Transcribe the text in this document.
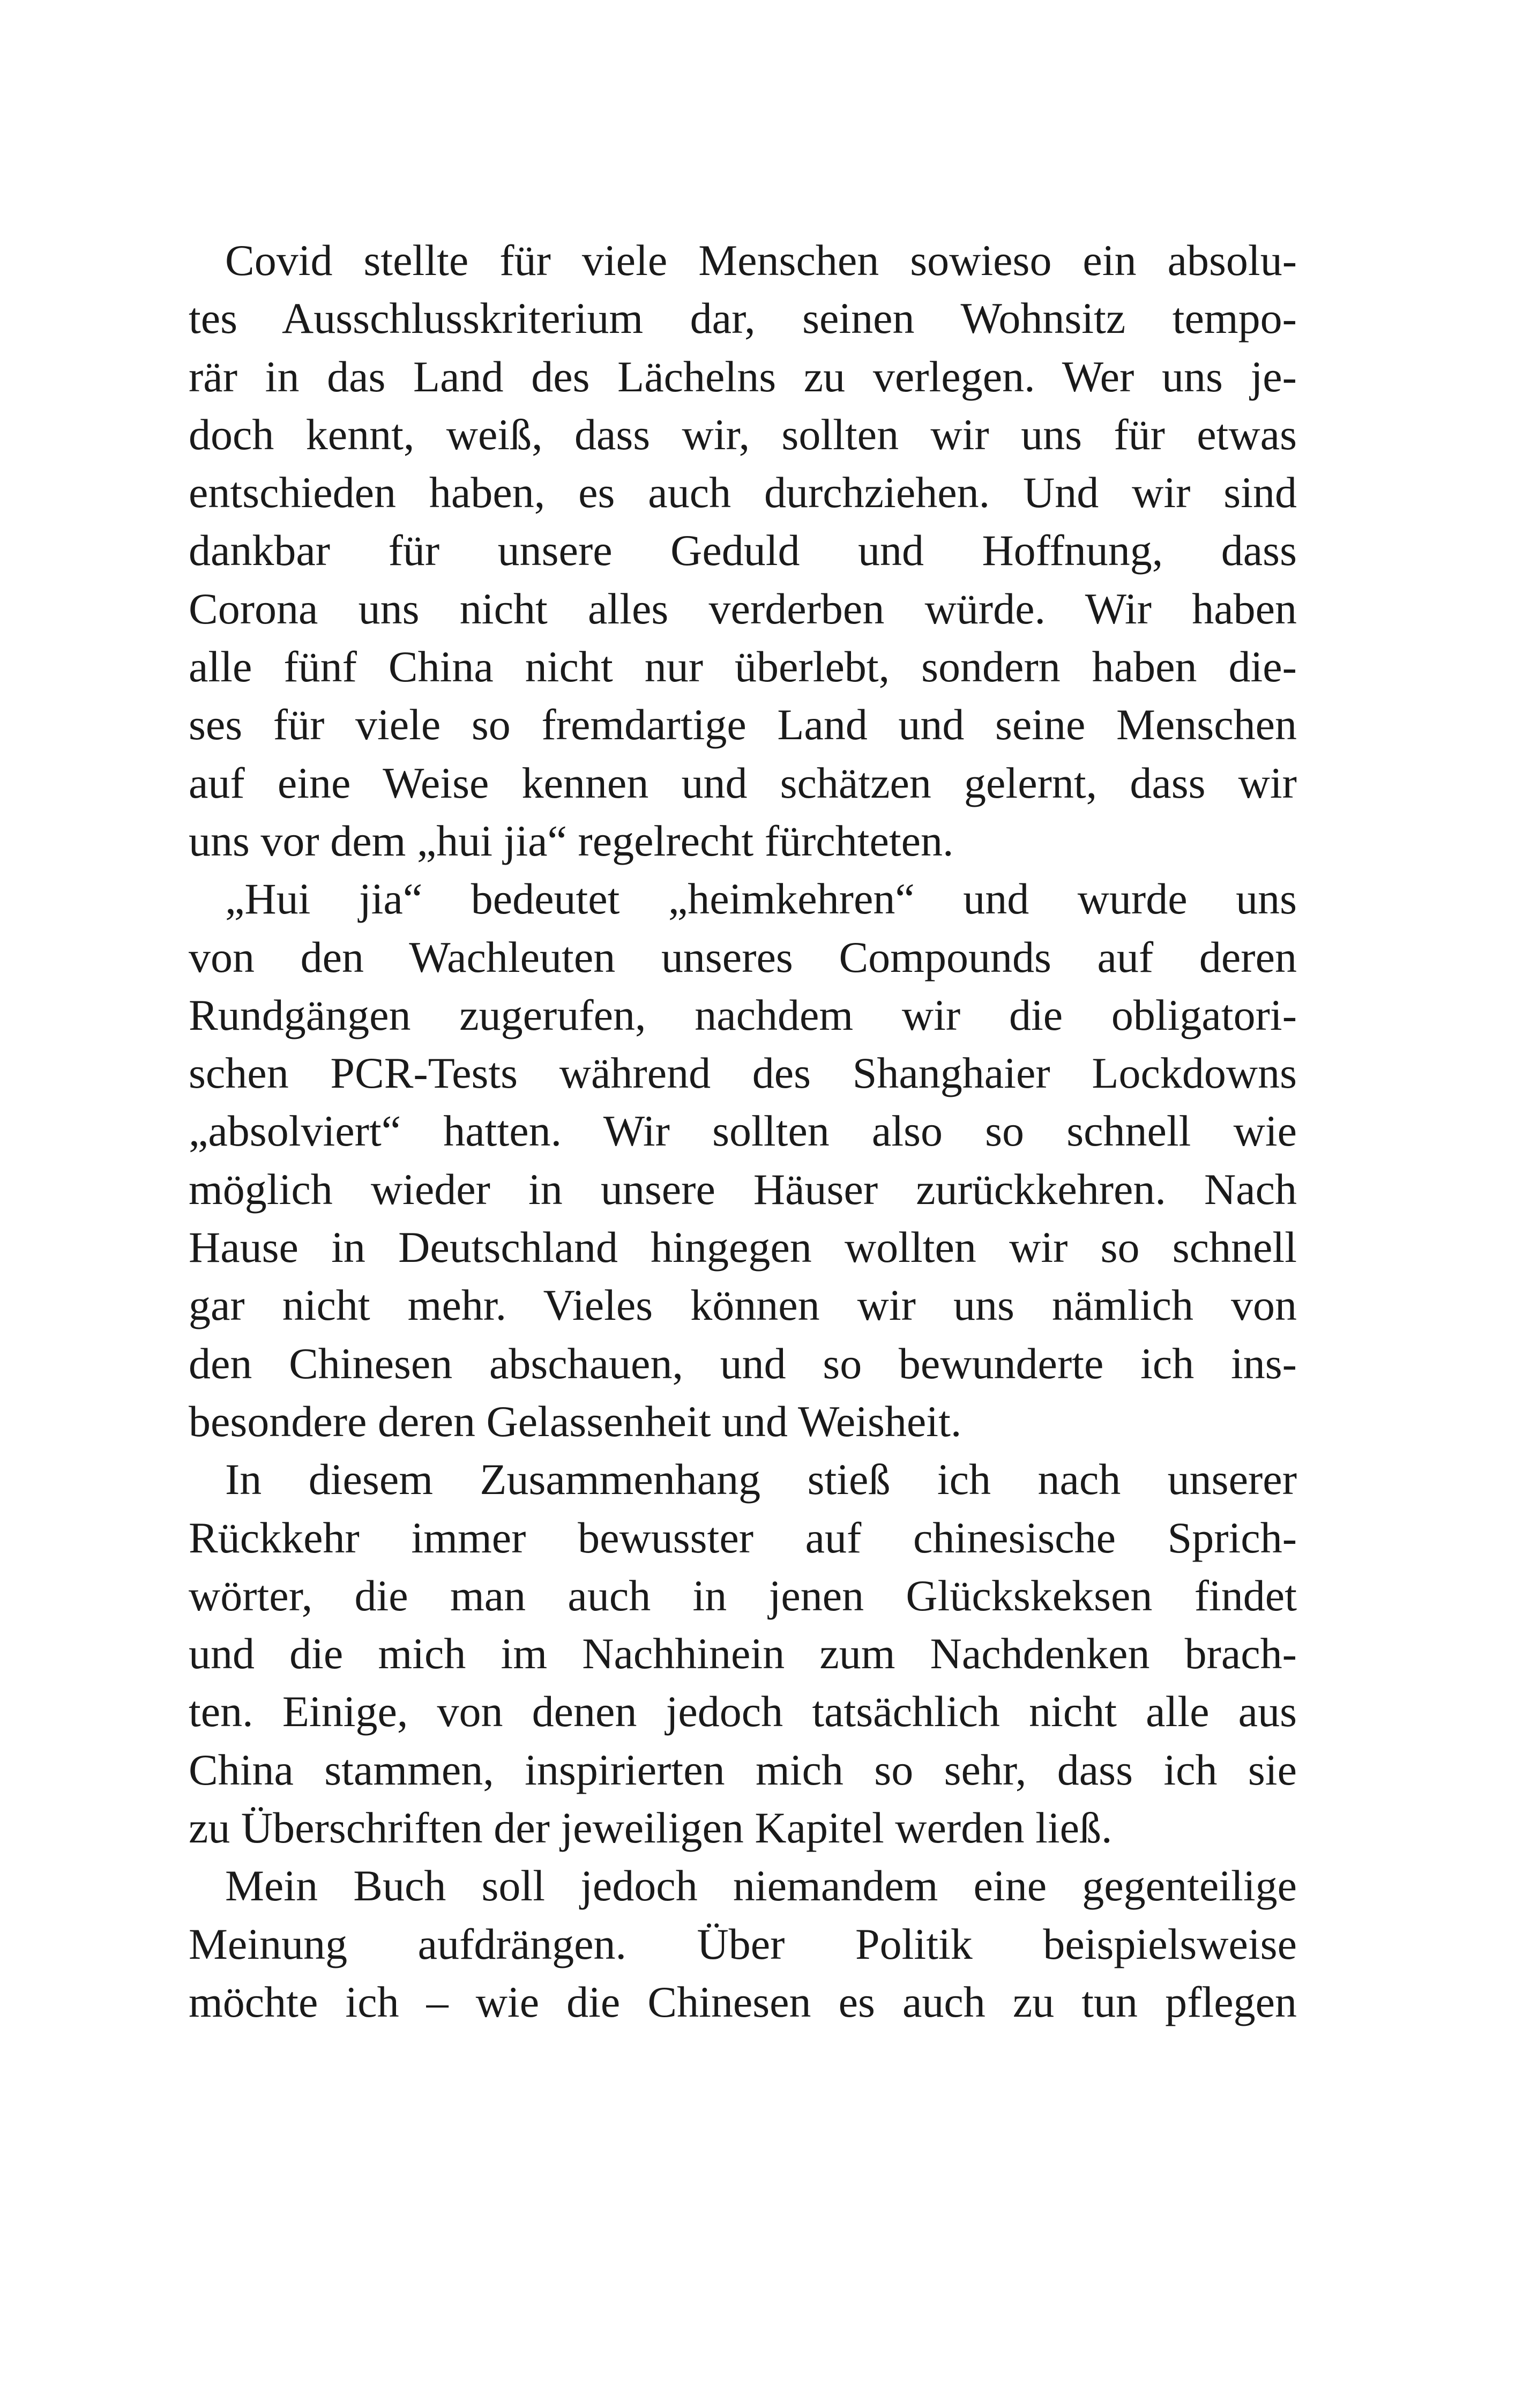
Covid stellte für viele Menschen sowieso ein absolu-
tes Ausschlusskriterium dar, seinen Wohnsitz tempo-
rär in das Land des Lächelns zu verlegen. Wer uns je-
doch kennt, weiß, dass wir, sollten wir uns für etwas
entschieden haben, es auch durchziehen. Und wir sind
dankbar für unsere Geduld und Hoffnung, dass
Corona uns nicht alles verderben würde. Wir haben
alle fünf China nicht nur überlebt, sondern haben die-
ses für viele so fremdartige Land und seine Menschen
auf eine Weise kennen und schätzen gelernt, dass wir
uns vor dem „hui jia“ regelrecht fürchteten.
„Hui jia“ bedeutet „heimkehren“ und wurde uns
von den Wachleuten unseres Compounds auf deren
Rundgängen zugerufen, nachdem wir die obligatori-
schen PCR-Tests während des Shanghaier Lockdowns
„absolviert“ hatten. Wir sollten also so schnell wie
möglich wieder in unsere Häuser zurückkehren. Nach
Hause in Deutschland hingegen wollten wir so schnell
gar nicht mehr. Vieles können wir uns nämlich von
den Chinesen abschauen, und so bewunderte ich ins-
besondere deren Gelassenheit und Weisheit.
In diesem Zusammenhang stieß ich nach unserer
Rückkehr immer bewusster auf chinesische Sprich-
wörter, die man auch in jenen Glückskeksen findet
und die mich im Nachhinein zum Nachdenken brach-
ten. Einige, von denen jedoch tatsächlich nicht alle aus
China stammen, inspirierten mich so sehr, dass ich sie
zu Überschriften der jeweiligen Kapitel werden ließ.
Mein Buch soll jedoch niemandem eine gegenteilige
Meinung aufdrängen. Über Politik beispielsweise
möchte ich – wie die Chinesen es auch zu tun pflegen
